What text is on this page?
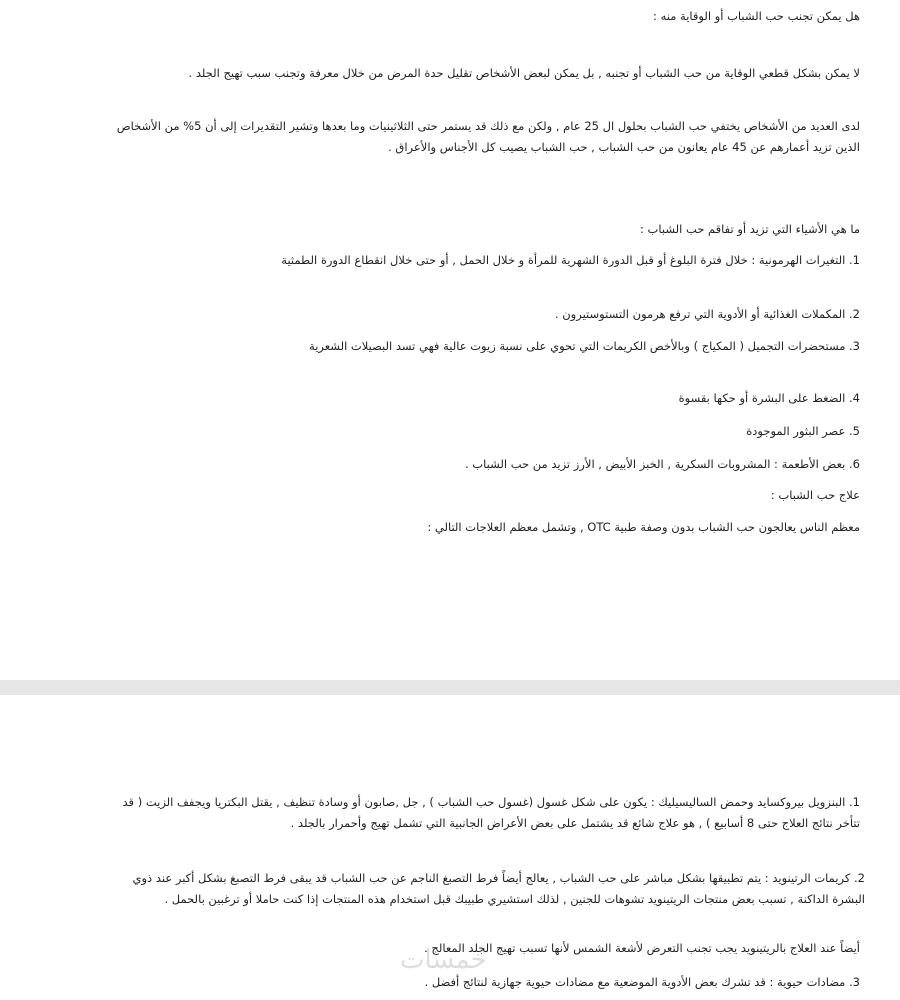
هل يمكن تجنب حب الشباب أو الوقاية منه :

لا يمكن بشكل قطعي الوقاية من حب الشباب أو تجنبه , بل يمكن لبعض الأشخاص تقليل حدة المرض من خلال معرفة وتجنب سبب تهيج الجلد .

لدى العديد من الأشخاص يختفي حب الشباب بحلول ال 25 عام , ولكن مع ذلك قد يستمر حتى الثلاثينيات وما بعدها وتشير التقديرات إلى أن 5% من الأشخاص الذين تزيد أعمارهم عن 45 عام يعانون من حب الشباب , حب الشباب يصيب كل الأجناس والأعراق .

ما هي الأشياء التي تزيد أو تفاقم حب الشباب :

1. التغيرات الهرمونية : خلال فترة البلوغ أو قبل الدورة الشهرية للمرأة و خلال الحمل , أو حتى خلال انقطاع الدورة الطمثية

2. المكملات الغذائية أو الأدوية التي ترفع هرمون التستوستيرون .

3. مستحضرات التجميل ( المكياج ) وبالأخص الكريمات التي تحوي على نسبة زيوت عالية فهي تسد البصيلات الشعرية

4. الضغط على البشرة أو حكها بقسوة

5. عصر البثور الموجودة

6. بعض الأطعمة : المشروبات السكرية , الخبز الأبيض , الأرز تزيد من حب الشباب .

علاج حب الشباب :

معظم الناس يعالجون حب الشباب بدون وصفة طبية OTC , وتشمل معظم العلاجات التالي :

1. البنزويل بيروكسايد وحمض الساليسيليك : يكون على شكل غسول (غسول حب الشباب ) , جل ,صابون أو وسادة تنظيف , يقتل البكتريا ويجفف الزيت ( قد تتأخر نتائج العلاج حتى 8 أسابيع ) , هو علاج شائع قد يشتمل على بعض الأعراض الجانبية التي تشمل تهيج وأحمرار بالجلد .

2. كريمات الرتينويد : يتم تطبيقها بشكل مباشر على حب الشباب , يعالج أيضاً فرط التصبغ الناجم عن حب الشباب قد يبقى فرط التصبغ بشكل أكبر عند ذوي البشرة الداكنة , تسبب بعض منتجات الريتينويد تشوهات للجنين , لذلك استشيري طبيبك قبل استخدام هذه المنتجات إذا كنت حاملا أو ترغبين بالحمل .

أيضاً عند العلاج بالريتينويد يجب تجنب التعرض لأشعة الشمس لأنها تسبب تهيج الجلد المعالج .

3. مضادات حيوية : قد تشرك بعض الأدوية الموضعية مع مضادات حيوية جهازية لنتائج أفضل .

خمسات
